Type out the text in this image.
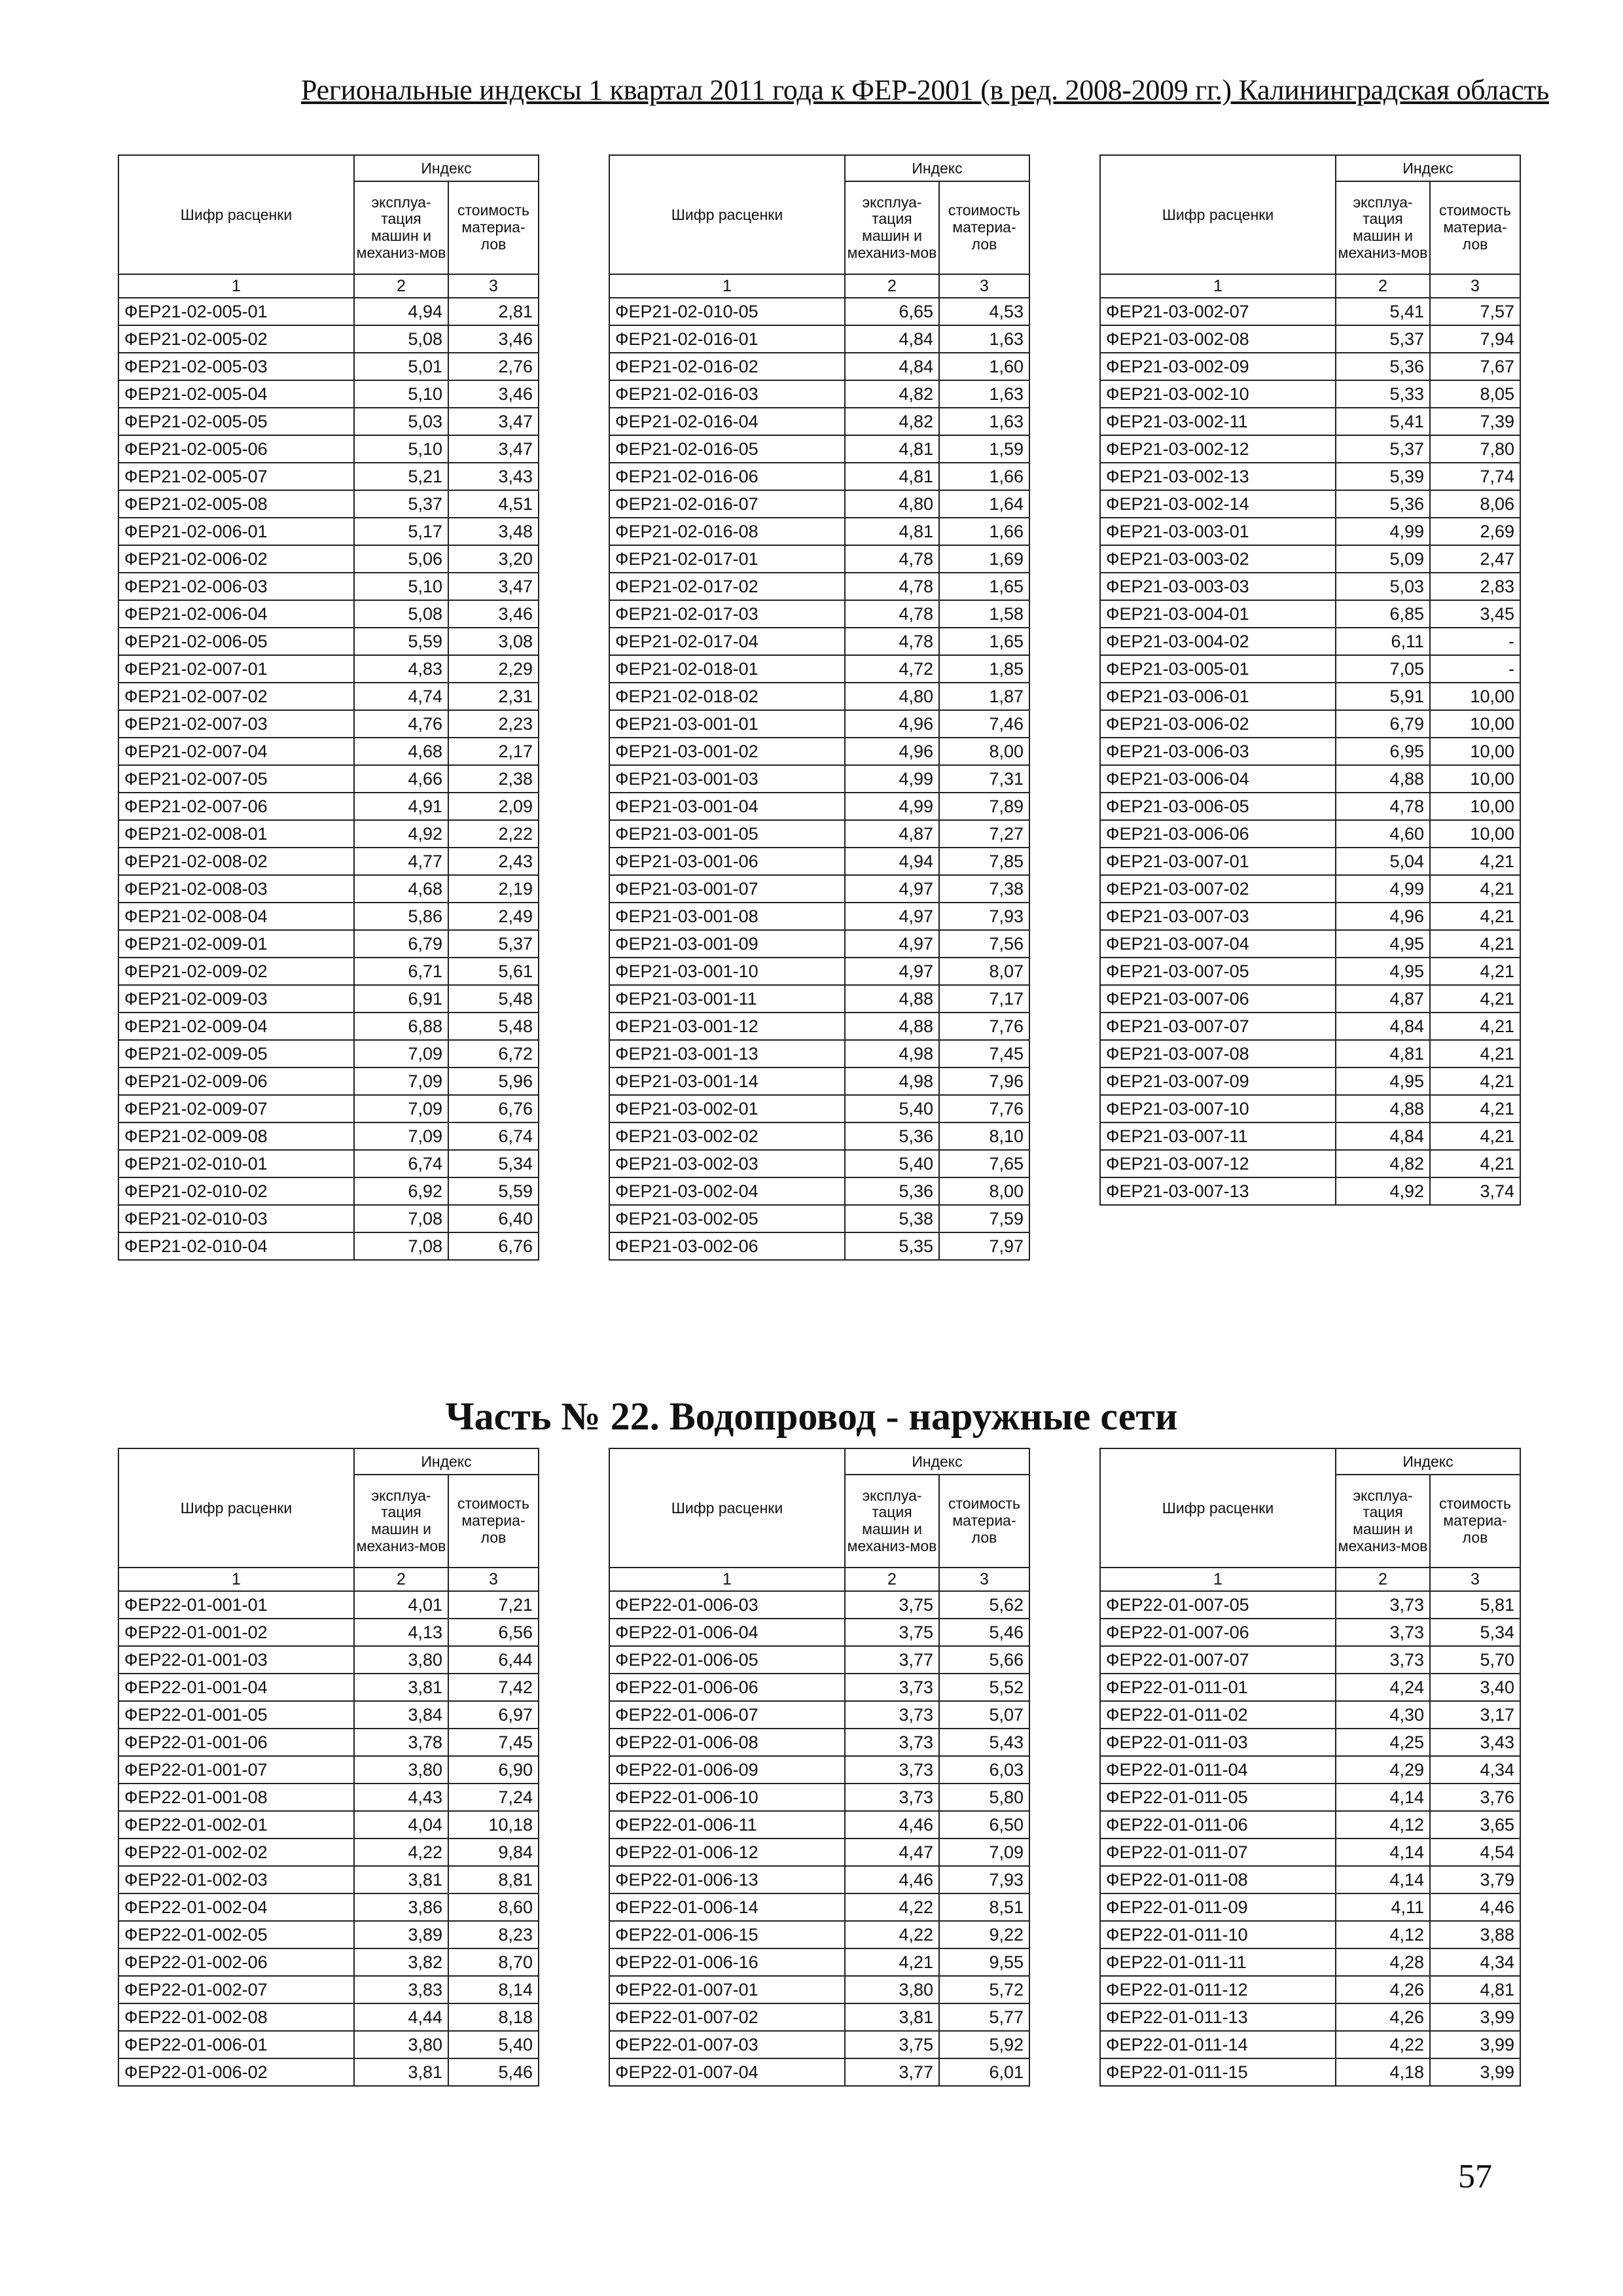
Региональные индексы 1 квартал 2011 года к ФЕР-2001 (в ред. 2008-2009 гг.) Калининградская область
Шифр расценки	Индекс	
	эксплуа-тация машин и механиз-мов	стоимость материа-лов
1	2	3
ФЕР21-02-005-01	4,94	2,81
ФЕР21-02-005-02	5,08	3,46
ФЕР21-02-005-03	5,01	2,76
ФЕР21-02-005-04	5,10	3,46
ФЕР21-02-005-05	5,03	3,47
ФЕР21-02-005-06	5,10	3,47
ФЕР21-02-005-07	5,21	3,43
ФЕР21-02-005-08	5,37	4,51
ФЕР21-02-006-01	5,17	3,48
ФЕР21-02-006-02	5,06	3,20
ФЕР21-02-006-03	5,10	3,47
ФЕР21-02-006-04	5,08	3,46
ФЕР21-02-006-05	5,59	3,08
ФЕР21-02-007-01	4,83	2,29
ФЕР21-02-007-02	4,74	2,31
ФЕР21-02-007-03	4,76	2,23
ФЕР21-02-007-04	4,68	2,17
ФЕР21-02-007-05	4,66	2,38
ФЕР21-02-007-06	4,91	2,09
ФЕР21-02-008-01	4,92	2,22
ФЕР21-02-008-02	4,77	2,43
ФЕР21-02-008-03	4,68	2,19
ФЕР21-02-008-04	5,86	2,49
ФЕР21-02-009-01	6,79	5,37
ФЕР21-02-009-02	6,71	5,61
ФЕР21-02-009-03	6,91	5,48
ФЕР21-02-009-04	6,88	5,48
ФЕР21-02-009-05	7,09	6,72
ФЕР21-02-009-06	7,09	5,96
ФЕР21-02-009-07	7,09	6,76
ФЕР21-02-009-08	7,09	6,74
ФЕР21-02-010-01	6,74	5,34
ФЕР21-02-010-02	6,92	5,59
ФЕР21-02-010-03	7,08	6,40
ФЕР21-02-010-04	7,08	6,76
Шифр расценки	Индекс	
	эксплуа-тация машин и механиз-мов	стоимость материа-лов
1	2	3
ФЕР21-02-010-05	6,65	4,53
ФЕР21-02-016-01	4,84	1,63
ФЕР21-02-016-02	4,84	1,60
ФЕР21-02-016-03	4,82	1,63
ФЕР21-02-016-04	4,82	1,63
ФЕР21-02-016-05	4,81	1,59
ФЕР21-02-016-06	4,81	1,66
ФЕР21-02-016-07	4,80	1,64
ФЕР21-02-016-08	4,81	1,66
ФЕР21-02-017-01	4,78	1,69
ФЕР21-02-017-02	4,78	1,65
ФЕР21-02-017-03	4,78	1,58
ФЕР21-02-017-04	4,78	1,65
ФЕР21-02-018-01	4,72	1,85
ФЕР21-02-018-02	4,80	1,87
ФЕР21-03-001-01	4,96	7,46
ФЕР21-03-001-02	4,96	8,00
ФЕР21-03-001-03	4,99	7,31
ФЕР21-03-001-04	4,99	7,89
ФЕР21-03-001-05	4,87	7,27
ФЕР21-03-001-06	4,94	7,85
ФЕР21-03-001-07	4,97	7,38
ФЕР21-03-001-08	4,97	7,93
ФЕР21-03-001-09	4,97	7,56
ФЕР21-03-001-10	4,97	8,07
ФЕР21-03-001-11	4,88	7,17
ФЕР21-03-001-12	4,88	7,76
ФЕР21-03-001-13	4,98	7,45
ФЕР21-03-001-14	4,98	7,96
ФЕР21-03-002-01	5,40	7,76
ФЕР21-03-002-02	5,36	8,10
ФЕР21-03-002-03	5,40	7,65
ФЕР21-03-002-04	5,36	8,00
ФЕР21-03-002-05	5,38	7,59
ФЕР21-03-002-06	5,35	7,97
Шифр расценки	Индекс	
	эксплуа-тация машин и механиз-мов	стоимость материа-лов
1	2	3
ФЕР21-03-002-07	5,41	7,57
ФЕР21-03-002-08	5,37	7,94
ФЕР21-03-002-09	5,36	7,67
ФЕР21-03-002-10	5,33	8,05
ФЕР21-03-002-11	5,41	7,39
ФЕР21-03-002-12	5,37	7,80
ФЕР21-03-002-13	5,39	7,74
ФЕР21-03-002-14	5,36	8,06
ФЕР21-03-003-01	4,99	2,69
ФЕР21-03-003-02	5,09	2,47
ФЕР21-03-003-03	5,03	2,83
ФЕР21-03-004-01	6,85	3,45
ФЕР21-03-004-02	6,11	-
ФЕР21-03-005-01	7,05	-
ФЕР21-03-006-01	5,91	10,00
ФЕР21-03-006-02	6,79	10,00
ФЕР21-03-006-03	6,95	10,00
ФЕР21-03-006-04	4,88	10,00
ФЕР21-03-006-05	4,78	10,00
ФЕР21-03-006-06	4,60	10,00
ФЕР21-03-007-01	5,04	4,21
ФЕР21-03-007-02	4,99	4,21
ФЕР21-03-007-03	4,96	4,21
ФЕР21-03-007-04	4,95	4,21
ФЕР21-03-007-05	4,95	4,21
ФЕР21-03-007-06	4,87	4,21
ФЕР21-03-007-07	4,84	4,21
ФЕР21-03-007-08	4,81	4,21
ФЕР21-03-007-09	4,95	4,21
ФЕР21-03-007-10	4,88	4,21
ФЕР21-03-007-11	4,84	4,21
ФЕР21-03-007-12	4,82	4,21
ФЕР21-03-007-13	4,92	3,74
Часть № 22. Водопровод - наружные сети
Шифр расценки	Индекс	
	эксплуа-тация машин и механиз-мов	стоимость материа-лов
1	2	3
ФЕР22-01-001-01	4,01	7,21
ФЕР22-01-001-02	4,13	6,56
ФЕР22-01-001-03	3,80	6,44
ФЕР22-01-001-04	3,81	7,42
ФЕР22-01-001-05	3,84	6,97
ФЕР22-01-001-06	3,78	7,45
ФЕР22-01-001-07	3,80	6,90
ФЕР22-01-001-08	4,43	7,24
ФЕР22-01-002-01	4,04	10,18
ФЕР22-01-002-02	4,22	9,84
ФЕР22-01-002-03	3,81	8,81
ФЕР22-01-002-04	3,86	8,60
ФЕР22-01-002-05	3,89	8,23
ФЕР22-01-002-06	3,82	8,70
ФЕР22-01-002-07	3,83	8,14
ФЕР22-01-002-08	4,44	8,18
ФЕР22-01-006-01	3,80	5,40
ФЕР22-01-006-02	3,81	5,46
Шифр расценки	Индекс	
	эксплуа-тация машин и механиз-мов	стоимость материа-лов
1	2	3
ФЕР22-01-006-03	3,75	5,62
ФЕР22-01-006-04	3,75	5,46
ФЕР22-01-006-05	3,77	5,66
ФЕР22-01-006-06	3,73	5,52
ФЕР22-01-006-07	3,73	5,07
ФЕР22-01-006-08	3,73	5,43
ФЕР22-01-006-09	3,73	6,03
ФЕР22-01-006-10	3,73	5,80
ФЕР22-01-006-11	4,46	6,50
ФЕР22-01-006-12	4,47	7,09
ФЕР22-01-006-13	4,46	7,93
ФЕР22-01-006-14	4,22	8,51
ФЕР22-01-006-15	4,22	9,22
ФЕР22-01-006-16	4,21	9,55
ФЕР22-01-007-01	3,80	5,72
ФЕР22-01-007-02	3,81	5,77
ФЕР22-01-007-03	3,75	5,92
ФЕР22-01-007-04	3,77	6,01
Шифр расценки	Индекс	
	эксплуа-тация машин и механиз-мов	стоимость материа-лов
1	2	3
ФЕР22-01-007-05	3,73	5,81
ФЕР22-01-007-06	3,73	5,34
ФЕР22-01-007-07	3,73	5,70
ФЕР22-01-011-01	4,24	3,40
ФЕР22-01-011-02	4,30	3,17
ФЕР22-01-011-03	4,25	3,43
ФЕР22-01-011-04	4,29	4,34
ФЕР22-01-011-05	4,14	3,76
ФЕР22-01-011-06	4,12	3,65
ФЕР22-01-011-07	4,14	4,54
ФЕР22-01-011-08	4,14	3,79
ФЕР22-01-011-09	4,11	4,46
ФЕР22-01-011-10	4,12	3,88
ФЕР22-01-011-11	4,28	4,34
ФЕР22-01-011-12	4,26	4,81
ФЕР22-01-011-13	4,26	3,99
ФЕР22-01-011-14	4,22	3,99
ФЕР22-01-011-15	4,18	3,99
57
